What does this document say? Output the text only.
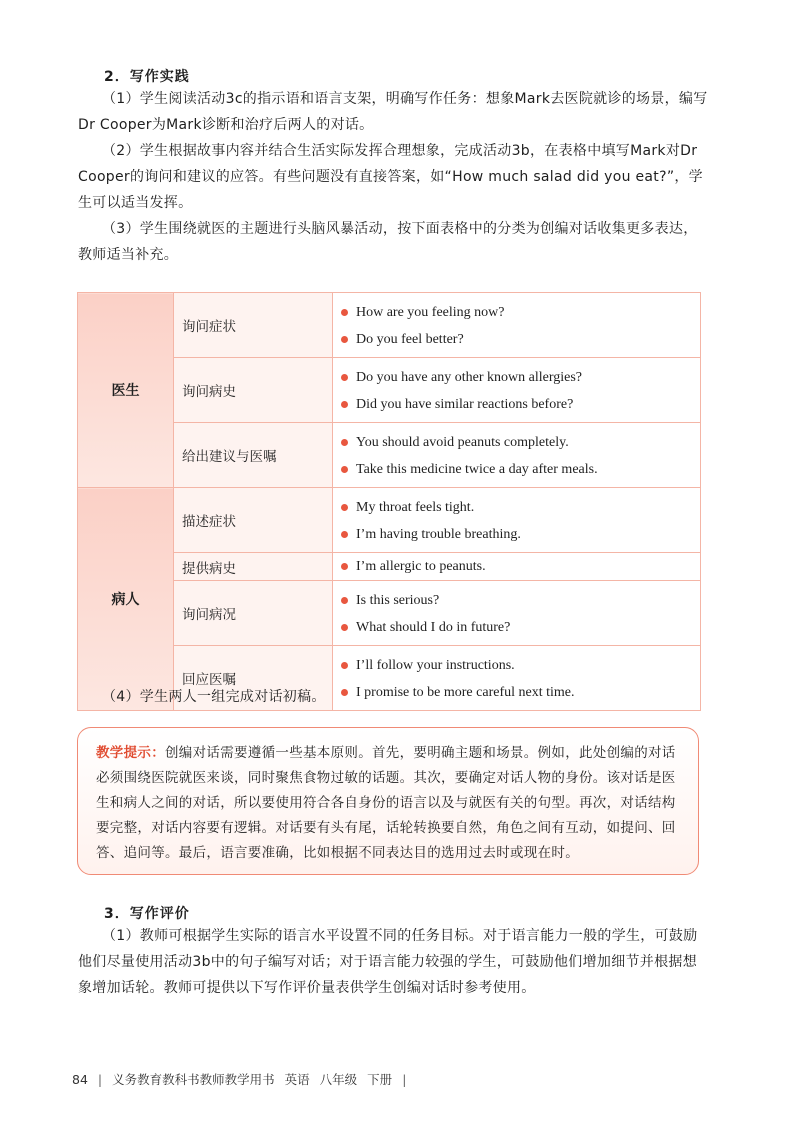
2．写作实践
（1）学生阅读活动3c的指示语和语言支架，明确写作任务：想象Mark去医院就诊的场景，编写Dr Cooper为Mark诊断和治疗后两人的对话。
（2）学生根据故事内容并结合生活实际发挥合理想象，完成活动3b，在表格中填写Mark对Dr Cooper的询问和建议的应答。有些问题没有直接答案，如“How much salad did you eat?”，学生可以适当发挥。
（3）学生围绕就医的主题进行头脑风暴活动，按下面表格中的分类为创编对话收集更多表达，教师适当补充。
医生	询问症状	How are you feeling now?
Do you feel better?

	询问病史	Do you have any other known allergies?
Did you have similar reactions before?

	给出建议与医嘱	You should avoid peanuts completely.
Take this medicine twice a day after meals.

病人	描述症状	My throat feels tight.
I’m having trouble breathing.

	提供病史	I’m allergic to peanuts.

	询问病况	Is this serious?
What should I do in future?

	回应医嘱	I’ll follow your instructions.
I promise to be more careful next time.
（4）学生两人一组完成对话初稿。
教学提示：创编对话需要遵循一些基本原则。首先，要明确主题和场景。例如，此处创编的对话必须围绕医院就医来谈，同时聚焦食物过敏的话题。其次，要确定对话人物的身份。该对话是医生和病人之间的对话，所以要使用符合各自身份的语言以及与就医有关的句型。再次，对话结构要完整，对话内容要有逻辑。对话要有头有尾，话轮转换要自然，角色之间有互动，如提问、回答、追问等。最后，语言要准确，比如根据不同表达目的选用过去时或现在时。
3．写作评价
（1）教师可根据学生实际的语言水平设置不同的任务目标。对于语言能力一般的学生，可鼓励他们尽量使用活动3b中的句子编写对话；对于语言能力较强的学生，可鼓励他们增加细节并根据想象增加话轮。教师可提供以下写作评价量表供学生创编对话时参考使用。
84 | 义务教育教科书教师教学用书 英语 八年级 下册 |
